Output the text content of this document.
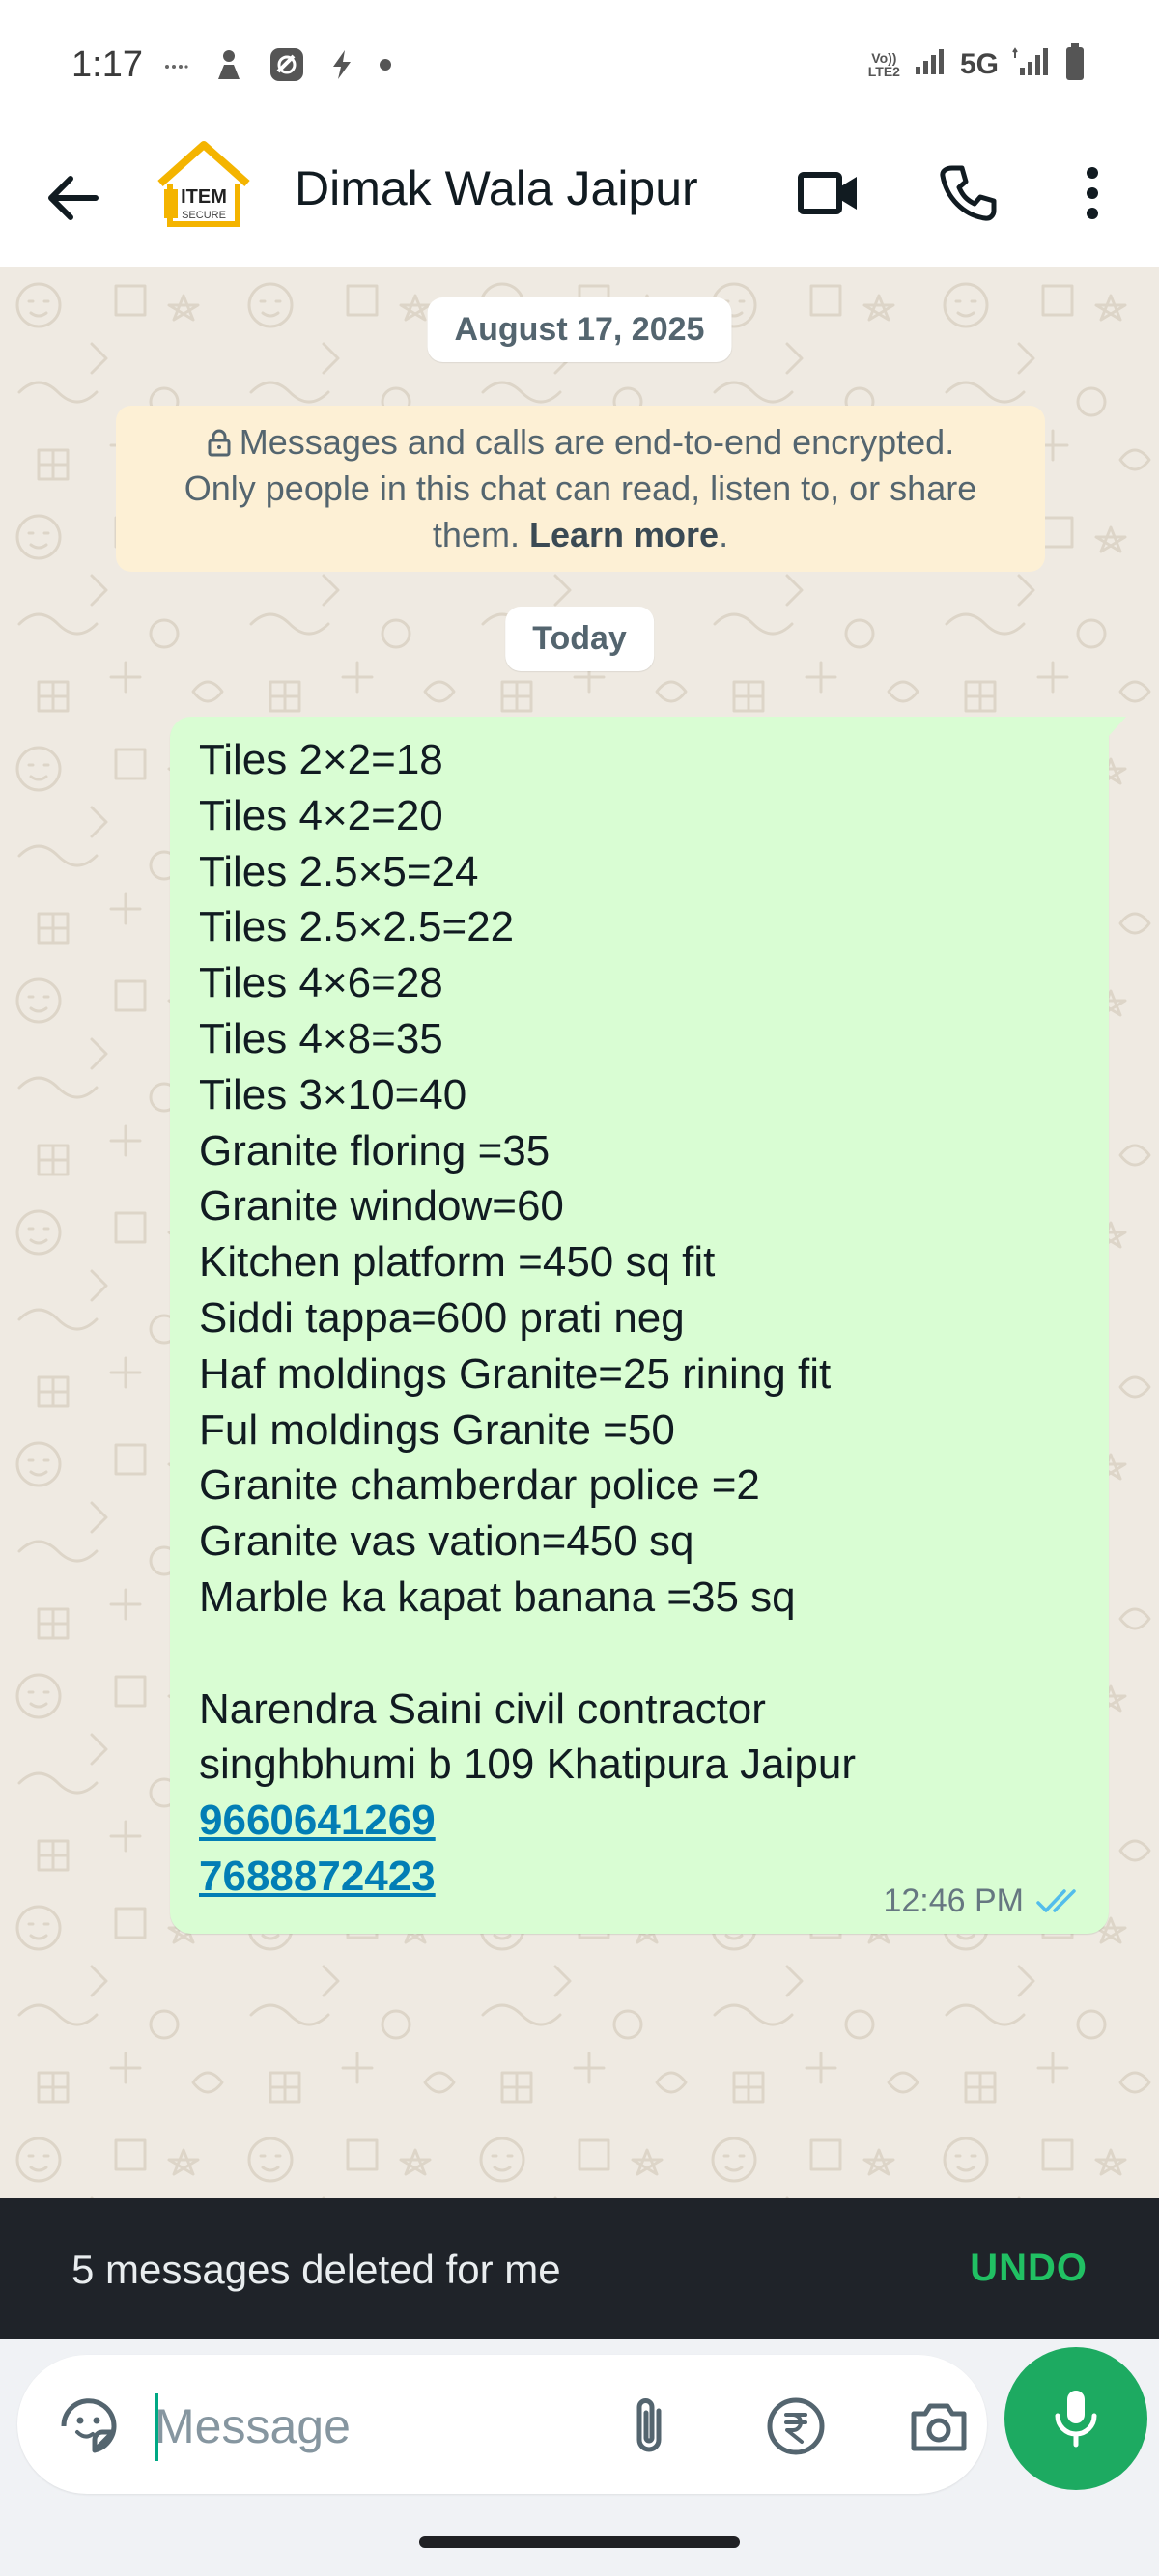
1:17	Vo))
LTE2 5G
ITEM
SECURE Dimak Wala Jaipur
August 17, 2025
Messages and calls are end-to-end encrypted.
Only people in this chat can read, listen to, or share
them. Learn more.
Today
Tiles 2×2=18
Tiles 4×2=20
Tiles 2.5×5=24
Tiles 2.5×2.5=22
Tiles 4×6=28
Tiles 4×8=35
Tiles 3×10=40
Granite floring =35
Granite window=60
Kitchen platform =450 sq fit
Siddi tappa=600 prati neg
Haf moldings Granite=25 rining fit
Ful moldings Granite =50
Granite chamberdar police =2
Granite vas vation=450 sq
Marble ka kapat banana =35 sq
Narendra Saini civil contractor
singhbhumi b 109 Khatipura Jaipur
9660641269
7688872423
12:46 PM
5 messages deleted for me	UNDO
Message
